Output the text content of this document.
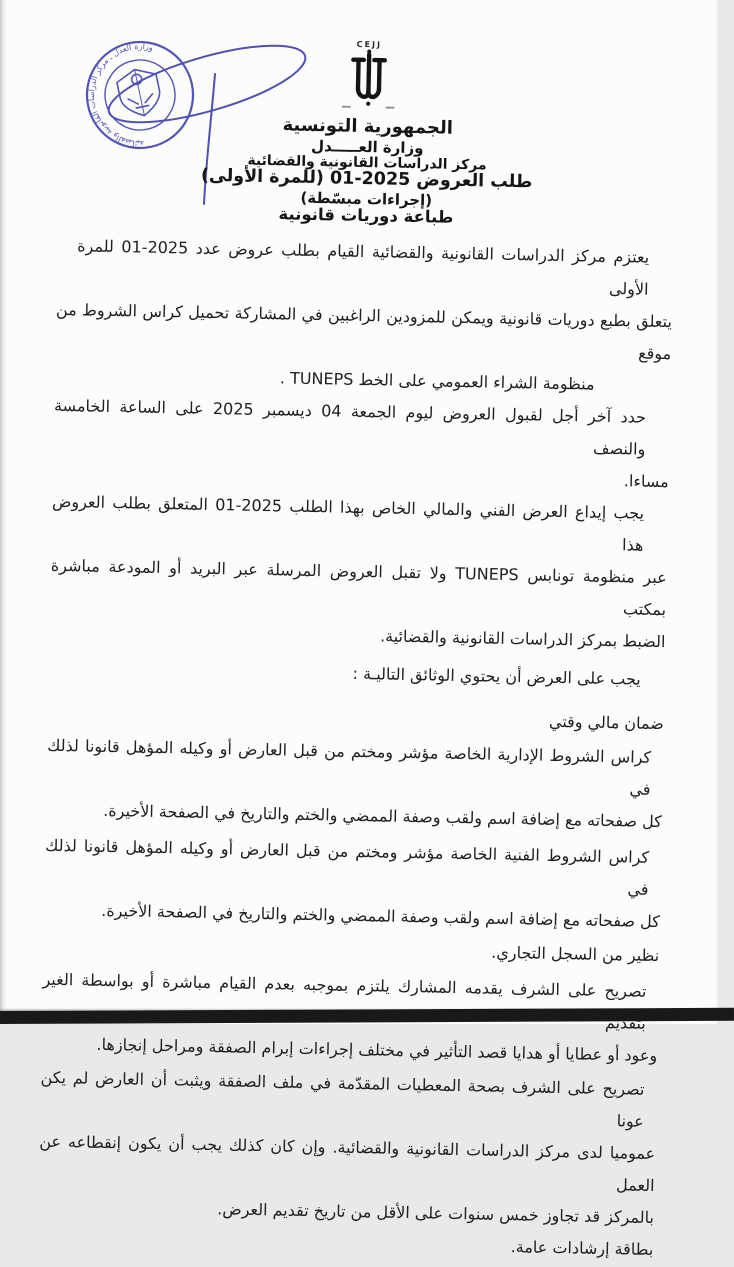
وزارة العدل ـ مركز الدراسات القانونية والقضائية	CEJJ
الجمهورية التونسية
وزارة العـــــدل
مركز الدراسات القانونية والقضائية
طلب العروض 2025-01 (للمرة الأولى)
(إجراءات مبسّطة)
طباعة دوريات قانونية
يعتزم مركز الدراسات القانونية والقضائية القيام بطلب عروض عدد 2025-01 للمرة الأولى
يتعلق بطبع دوريات قانونية ويمكن للمزودين الراغبين في المشاركة تحميل كراس الشروط من موقع
منظومة الشراء العمومي على الخط TUNEPS .
حدد آخر أجل لقبول العروض ليوم الجمعة 04 ديسمبر 2025 على الساعة الخامسة والنصف
مساءا.
يجب إيداع العرض الفني والمالي الخاص بهذا الطلب 2025-01 المتعلق بطلب العروض هذا
عبر منظومة تونابس TUNEPS ولا تقبل العروض المرسلة عبر البريد أو المودعة مباشرة بمكتب
الضبط بمركز الدراسات القانونية والقضائية.
يجب على العرض أن يحتوي الوثائق التاليـة :
ضمان مالي وقتي
كراس الشروط الإدارية الخاصة مؤشر ومختم من قبل العارض أو وكيله المؤهل قانونا لذلك في
كل صفحاته مع إضافة اسم ولقب وصفة الممضي والختم والتاريخ في الصفحة الأخيرة.
كراس الشروط الفنية الخاصة مؤشر ومختم من قبل العارض أو وكيله المؤهل قانونا لذلك في
كل صفحاته مع إضافة اسم ولقب وصفة الممضي والختم والتاريخ في الصفحة الأخيرة.
نظير من السجل التجاري.
تصريح على الشرف يقدمه المشارك يلتزم بموجبه بعدم القيام مباشرة أو بواسطة الغير بتقديم
وعود أو عطايا أو هدايا قصد التأثير في مختلف إجراءات إبرام الصفقة ومراحل إنجازها.
تصريح على الشرف بصحة المعطيات المقدّمة في ملف الصفقة ويثبت أن العارض لم يكن عونا
عموميا لدى مركز الدراسات القانونية والقضائية. وإن كان كذلك يجب أن يكون إنقطاعه عن العمل
بالمركز قد تجاوز خمس سنوات على الأقل من تاريخ تقديم العرض.
بطاقة إرشادات عامة.
